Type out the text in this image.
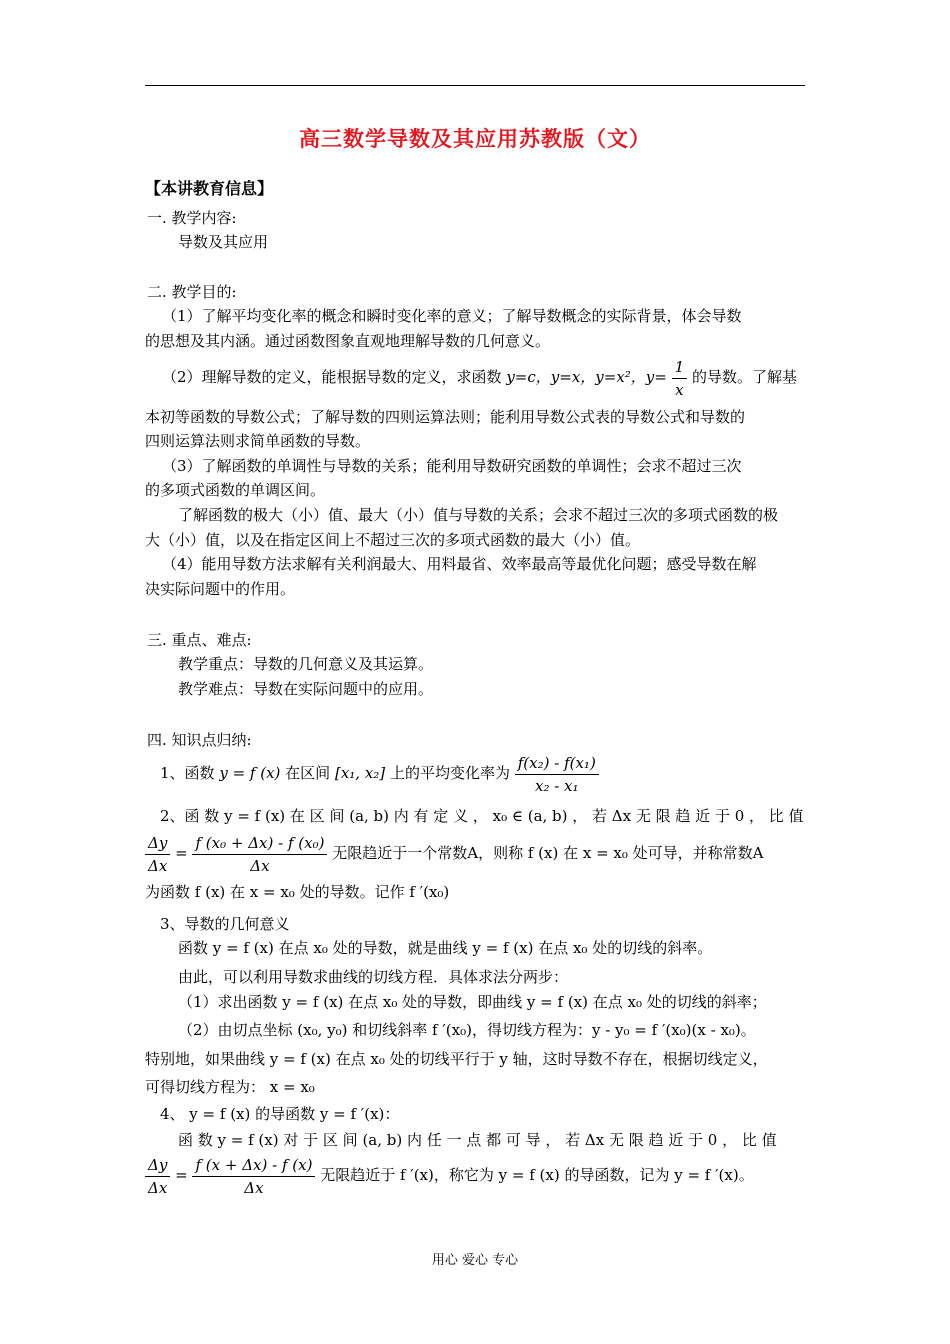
高三数学导数及其应用苏教版（文）
【本讲教育信息】
一. 教学内容:
导数及其应用
二. 教学目的:
（1）了解平均变化率的概念和瞬时变化率的意义；了解导数概念的实际背景，体会导数
的思想及其内涵。通过函数图象直观地理解导数的几何意义。
（2）理解导数的定义，能根据导数的定义，求函数 y=c，y=x，y=x²，$y= \frac{1}{x}$ 的导数。了解基
本初等函数的导数公式；了解导数的四则运算法则；能利用导数公式表的导数公式和导数的
四则运算法则求简单函数的导数。
（3）了解函数的单调性与导数的关系；能利用导数研究函数的单调性；会求不超过三次
的多项式函数的单调区间。
了解函数的极大（小）值、最大（小）值与导数的关系；会求不超过三次的多项式函数的极
大（小）值，以及在指定区间上不超过三次的多项式函数的最大（小）值。
（4）能用导数方法求解有关利润最大、用料最省、效率最高等最优化问题；感受导数在解
决实际问题中的作用。
三. 重点、难点:
教学重点：导数的几何意义及其运算。
教学难点：导数在实际问题中的应用。
四. 知识点归纳:
1、函数 y = f (x) 在区间 [x₁, x₂] 上的平均变化率为 $\frac{\text{f(x₂) - f(x₁)}}{\text{x₂ - x₁}}$
2、函 数 y = f (x) 在 区 间 (a, b) 内 有 定 义 ， x₀ ∈ (a, b) ， 若 Δx 无 限 趋 近 于 0 ， 比 值
$\frac{\Delta y}{\Delta x} = \frac{\text{f (x₀ + Δx) - f (x₀)}}{\Delta x}$ 无限趋近于一个常数A，则称 f (x) 在 x = x₀ 处可导，并称常数A
为函数 f (x) 在 x = x₀ 处的导数。记作 f ′(x₀)
3、导数的几何意义
函数 y = f (x) 在点 x₀ 处的导数，就是曲线 y = f (x) 在点 x₀ 处的切线的斜率。
由此，可以利用导数求曲线的切线方程．具体求法分两步：
（1）求出函数 y = f (x) 在点 x₀ 处的导数，即曲线 y = f (x) 在点 x₀ 处的切线的斜率；
（2）由切点坐标 (x₀, y₀) 和切线斜率 f ′(x₀)，得切线方程为：y - y₀ = f ′(x₀)(x - x₀)。
特别地，如果曲线 y = f (x) 在点 x₀ 处的切线平行于 y 轴，这时导数不存在，根据切线定义，
可得切线方程为： x = x₀
4、 y = f (x) 的导函数 y = f ′(x)：
函 数 y = f (x) 对 于 区 间 (a, b) 内 任 一 点 都 可 导 ， 若 Δx 无 限 趋 近 于 0 ， 比 值
$\frac{\Delta y}{\Delta x} = \frac{f (x + \Delta x) - f (x)}{\Delta x}$ 无限趋近于 f ′(x)，称它为 y = f (x) 的导函数，记为 y = f ′(x)。
用心 爱心 专心
